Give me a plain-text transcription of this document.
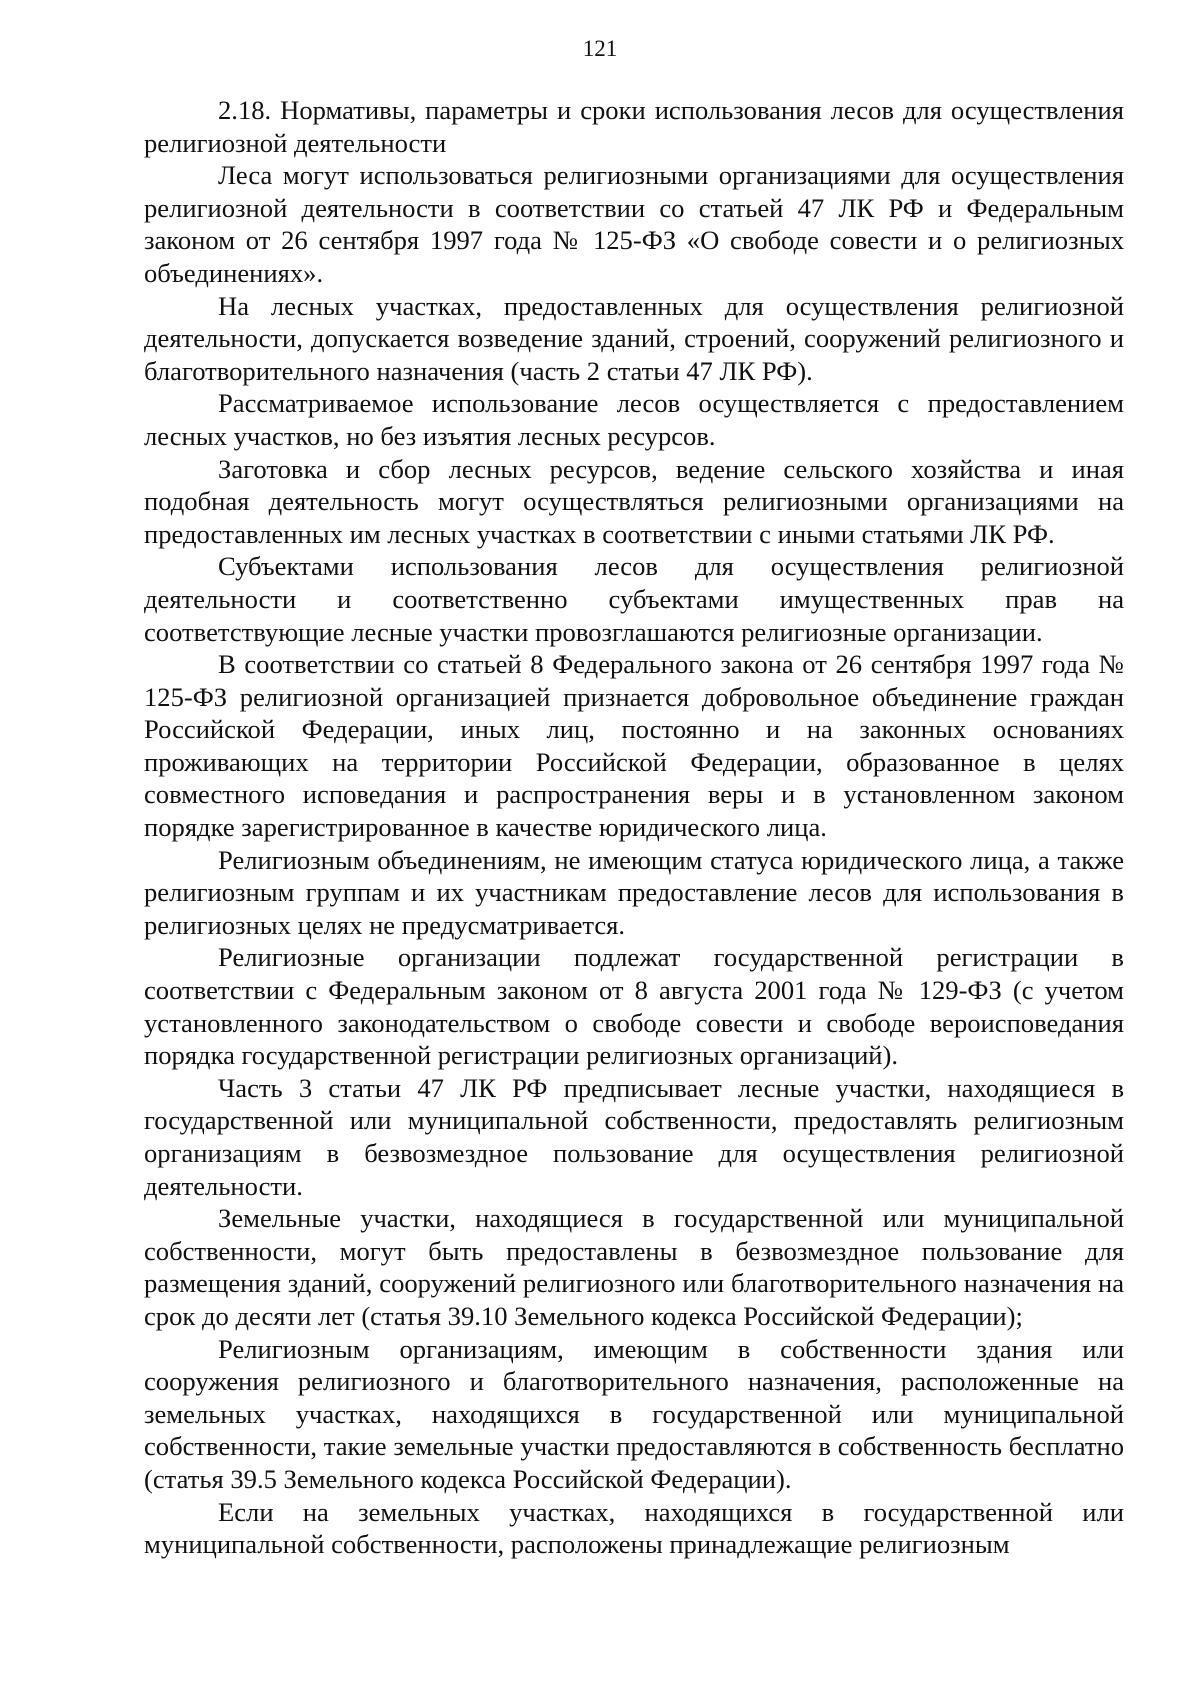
121

2.18. Нормативы, параметры и сроки использования лесов для осуществления религиозной деятельности

Леса могут использоваться религиозными организациями для осуществления религиозной деятельности в соответствии со статьей 47 ЛК РФ и Федеральным законом от 26 сентября 1997 года № 125-ФЗ «О свободе совести и о религиозных объединениях».

На лесных участках, предоставленных для осуществления религиозной деятельности, допускается возведение зданий, строений, сооружений религиозного и благотворительного назначения (часть 2 статьи 47 ЛК РФ).

Рассматриваемое использование лесов осуществляется с предоставлением лесных участков, но без изъятия лесных ресурсов.

Заготовка и сбор лесных ресурсов, ведение сельского хозяйства и иная подобная деятельность могут осуществляться религиозными организациями на предоставленных им лесных участках в соответствии с иными статьями ЛК РФ.

Субъектами использования лесов для осуществления религиозной деятельности и соответственно субъектами имущественных прав на соответствующие лесные участки провозглашаются религиозные организации.

В соответствии со статьей 8 Федерального закона от 26 сентября 1997 года № 125-ФЗ религиозной организацией признается добровольное объединение граждан Российской Федерации, иных лиц, постоянно и на законных основаниях проживающих на территории Российской Федерации, образованное в целях совместного исповедания и распространения веры и в установленном законом порядке зарегистрированное в качестве юридического лица.

Религиозным объединениям, не имеющим статуса юридического лица, а также религиозным группам и их участникам предоставление лесов для использования в религиозных целях не предусматривается.

Религиозные организации подлежат государственной регистрации в соответствии с Федеральным законом от 8 августа 2001 года № 129-ФЗ (с учетом установленного законодательством о свободе совести и свободе вероисповедания порядка государственной регистрации религиозных организаций).

Часть 3 статьи 47 ЛК РФ предписывает лесные участки, находящиеся в государственной или муниципальной собственности, предоставлять религиозным организациям в безвозмездное пользование для осуществления религиозной деятельности.

Земельные участки, находящиеся в государственной или муниципальной собственности, могут быть предоставлены в безвозмездное пользование для размещения зданий, сооружений религиозного или благотворительного назначения на срок до десяти лет (статья 39.10 Земельного кодекса Российской Федерации);

Религиозным организациям, имеющим в собственности здания или сооружения религиозного и благотворительного назначения, расположенные на земельных участках, находящихся в государственной или муниципальной собственности, такие земельные участки предоставляются в собственность бесплатно (статья 39.5 Земельного кодекса Российской Федерации).

Если на земельных участках, находящихся в государственной или муниципальной собственности, расположены принадлежащие религиозным
